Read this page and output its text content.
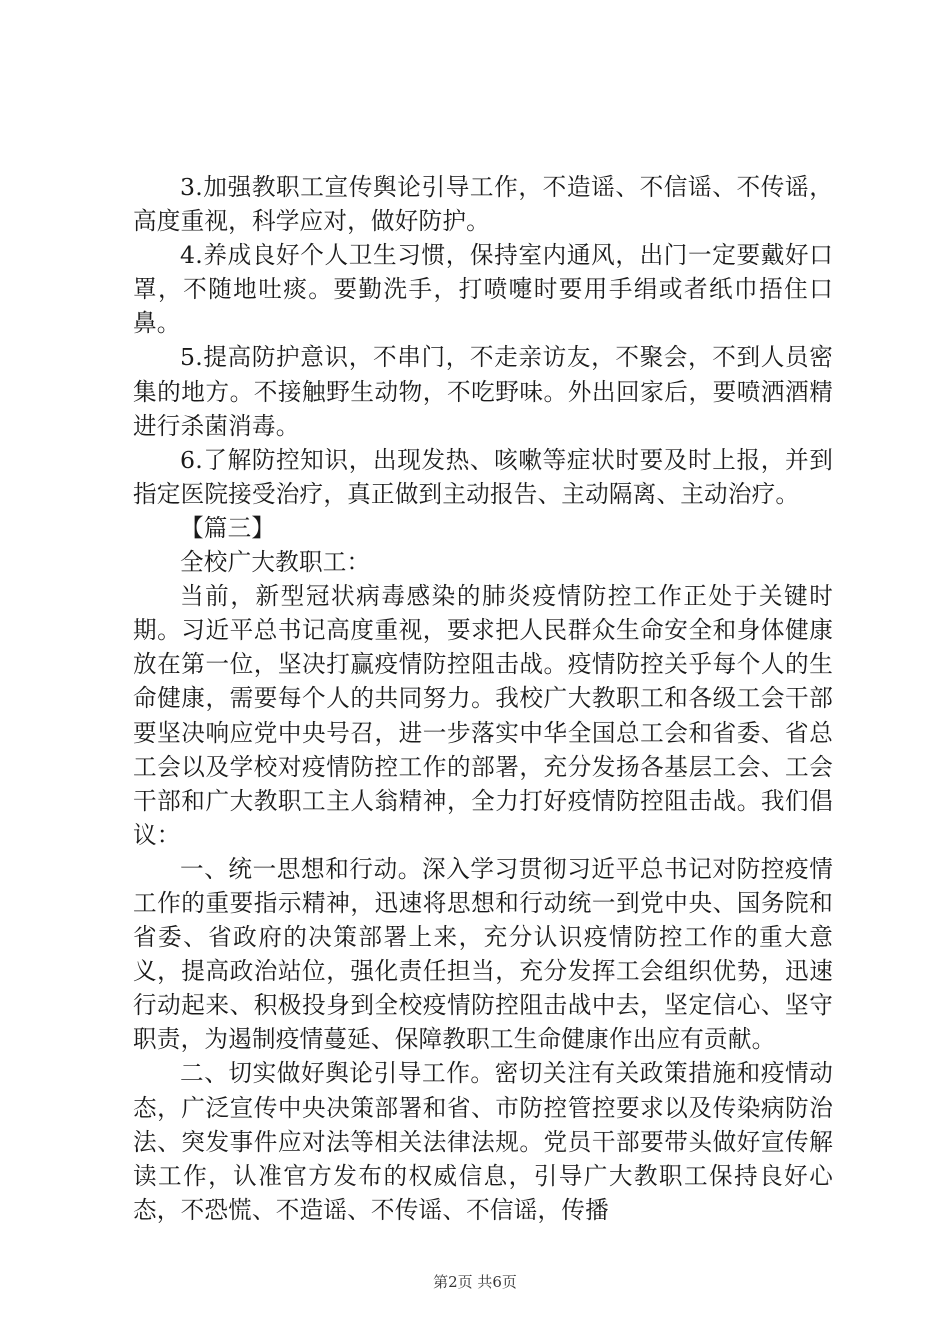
3.加强教职工宣传舆论引导工作，不造谣、不信谣、不传谣，高度重视，科学应对，做好防护。

4.养成良好个人卫生习惯，保持室内通风，出门一定要戴好口罩，不随地吐痰。要勤洗手，打喷嚏时要用手绢或者纸巾捂住口鼻。

5.提高防护意识，不串门，不走亲访友，不聚会，不到人员密集的地方。不接触野生动物，不吃野味。外出回家后，要喷洒酒精进行杀菌消毒。

6.了解防控知识，出现发热、咳嗽等症状时要及时上报，并到指定医院接受治疗，真正做到主动报告、主动隔离、主动治疗。

【篇三】

全校广大教职工：

当前，新型冠状病毒感染的肺炎疫情防控工作正处于关键时期。习近平总书记高度重视，要求把人民群众生命安全和身体健康放在第一位，坚决打赢疫情防控阻击战。疫情防控关乎每个人的生命健康，需要每个人的共同努力。我校广大教职工和各级工会干部要坚决响应党中央号召，进一步落实中华全国总工会和省委、省总工会以及学校对疫情防控工作的部署，充分发扬各基层工会、工会干部和广大教职工主人翁精神，全力打好疫情防控阻击战。我们倡议：

一、统一思想和行动。深入学习贯彻习近平总书记对防控疫情工作的重要指示精神，迅速将思想和行动统一到党中央、国务院和省委、省政府的决策部署上来，充分认识疫情防控工作的重大意义，提高政治站位，强化责任担当，充分发挥工会组织优势，迅速行动起来、积极投身到全校疫情防控阻击战中去，坚定信心、坚守职责，为遏制疫情蔓延、保障教职工生命健康作出应有贡献。

二、切实做好舆论引导工作。密切关注有关政策措施和疫情动态，广泛宣传中央决策部署和省、市防控管控要求以及传染病防治法、突发事件应对法等相关法律法规。党员干部要带头做好宣传解读工作，认准官方发布的权威信息，引导广大教职工保持良好心态，不恐慌、不造谣、不传谣、不信谣，传播

第2页 共6页
